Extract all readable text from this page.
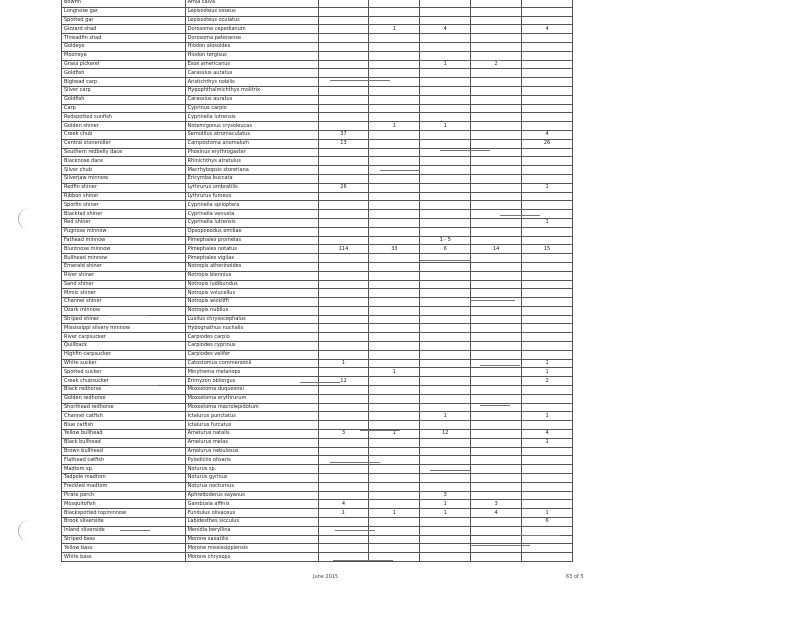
Bowfin	Amia calva					
Longnose gar	Lepisosteus osseus					
Spotted gar	Lepisosteus oculatus					
Gizzard shad	Dorosoma cepedianum		1	4		4
Threadfin shad	Dorosoma petenense					
Goldeye	Hiodon alosoides					
Mooneye	Hiodon tergisus					
Grass pickerel	Esox americanus			1	2	
Goldfish	Carassius auratus					
Bighead carp	Aristichthys nobilis					
Silver carp	Hypophthalmichthys molitrix					
Goldfish	Carassius auratus					
Carp	Cyprinus carpio					
Redspotted sunfish	Cyprinella lutrensis					
Golden shiner	Notemigonus crysoleucas		1	1		
Creek chub	Semotilus atromaculatus	37				4
Central stoneroller	Campostoma anomalum	13				26
Southern redbelly dace	Phoxinus erythrogaster					
Blacknose dace	Rhinichthys atratulus					
Silver chub	Macrhybopsis storeriana					
Silverjaw minnow	Ericymba buccata					
Redfin shiner	Lythrurus umbratilis	26				1
Ribbon shiner	Lythrurus fumeus					
Spotfin shiner	Cyprinella spiloptera					
Blacktail shiner	Cyprinella venusta					
Red shiner	Cyprinella lutrensis					1
Pugnose minnow	Opsopoeodus emiliae					
Fathead minnow	Pimephales promelas			1 - 5		
Bluntnose minnow	Pimephales notatus	114	33	6	14	15
Bullhead minnow	Pimephales vigilax					
Emerald shiner	Notropis atherinoides					
River shiner	Notropis blennius					
Sand shiner	Notropis ludibundus					
Mimic shiner	Notropis volucellus					
Channel shiner	Notropis wickliffi					
Ozark minnow	Notropis nubilus					
Striped shiner	Luxilus chrysocephalus					
Mississippi silvery minnow	Hybognathus nuchalis					
River carpsucker	Carpiodes carpio					
Quillback	Carpiodes cyprinus					
Highfin carpsucker	Carpiodes velifer					
White sucker	Catostomus commersonii	1				1
Spotted sucker	Minytrema melanops		1			1
Creek chubsucker	Erimyzon oblongus	12				2
Black redhorse	Moxostoma duquesnei					
Golden redhorse	Moxostoma erythrurum					
Shorthead redhorse	Moxostoma macrolepidotum					
Channel catfish	Ictalurus punctatus			1		1
Blue catfish	Ictalurus furcatus					
Yellow bullhead	Ameiurus natalis	3	1	12		4
Black bullhead	Ameiurus melas					1
Brown bullhead	Ameiurus nebulosus					
Flathead catfish	Pylodictis olivaris					
Madtom sp.	Noturus sp.					
Tadpole madtom	Noturus gyrinus					
Freckled madtom	Noturus nocturnus					
Pirate perch	Aphredoderus sayanus			3		
Mosquitofish	Gambusia affinis	4		1	3	
Blackspotted topminnow	Fundulus olivaceus	1	1	1	4	1
Brook silverside	Labidesthes sicculus					6
Inland silverside	Menidia beryllina					
Striped bass	Morone saxatilis					
Yellow bass	Morone mississippiensis					
White bass	Morone chrysops					
June 2015	63 of 5
